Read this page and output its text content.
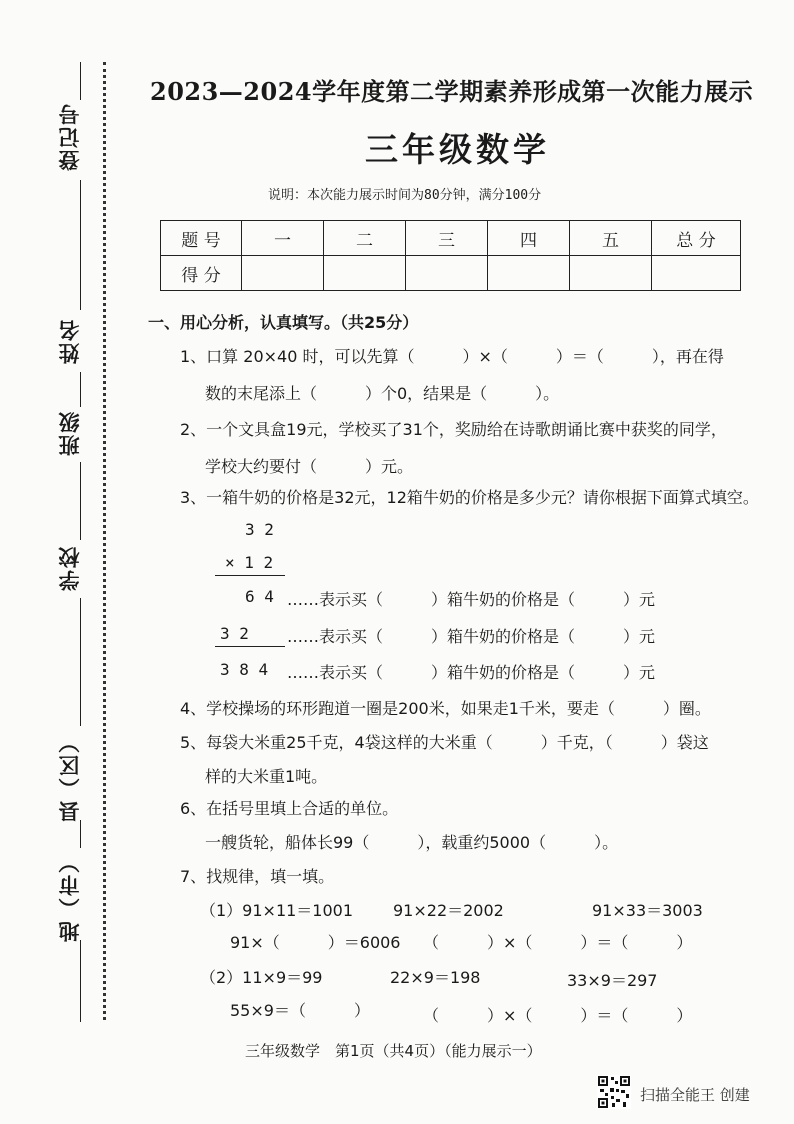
登记号
姓名
班级
学校
县（区）
地（市）
2023—2024学年度第二学期素养形成第一次能力展示
三年级数学
说明：本次能力展示时间为80分钟，满分100分
题 号	一	二	三	四	五	总 分
得 分						
一、用心分析，认真填写。（共25分）
1、口算 20×40 时，可以先算（　　　）×（　　　）＝（　　　），再在得
数的末尾添上（　　　）个0，结果是（　　　）。
2、一个文具盒19元，学校买了31个，奖励给在诗歌朗诵比赛中获奖的同学，
学校大约要付（　　　）元。
3、一箱牛奶的价格是32元，12箱牛奶的价格是多少元？请你根据下面算式填空。
3 2
× 1 2
6 4 ……表示买（　　　）箱牛奶的价格是（　　　）元
3 2 ……表示买（　　　）箱牛奶的价格是（　　　）元
3 8 4 ……表示买（　　　）箱牛奶的价格是（　　　）元
4、学校操场的环形跑道一圈是200米，如果走1千米，要走（　　　）圈。
5、每袋大米重25千克，4袋这样的大米重（　　　）千克，（　　　）袋这
样的大米重1吨。
6、在括号里填上合适的单位。
一艘货轮，船体长99（　　　），载重约5000（　　　）。
7、找规律，填一填。
（1）91×11＝1001 91×22＝2002	91×33＝3003
91×（　　　）＝6006 （　　　）×（　　　）＝（　　　）
（2）11×9＝99	22×9＝198	33×9＝297
55×9＝（　　　）	（　　　）×（　　　）＝（　　　）
三年级数学　第1页（共4页）（能力展示一）
扫描全能王 创建
